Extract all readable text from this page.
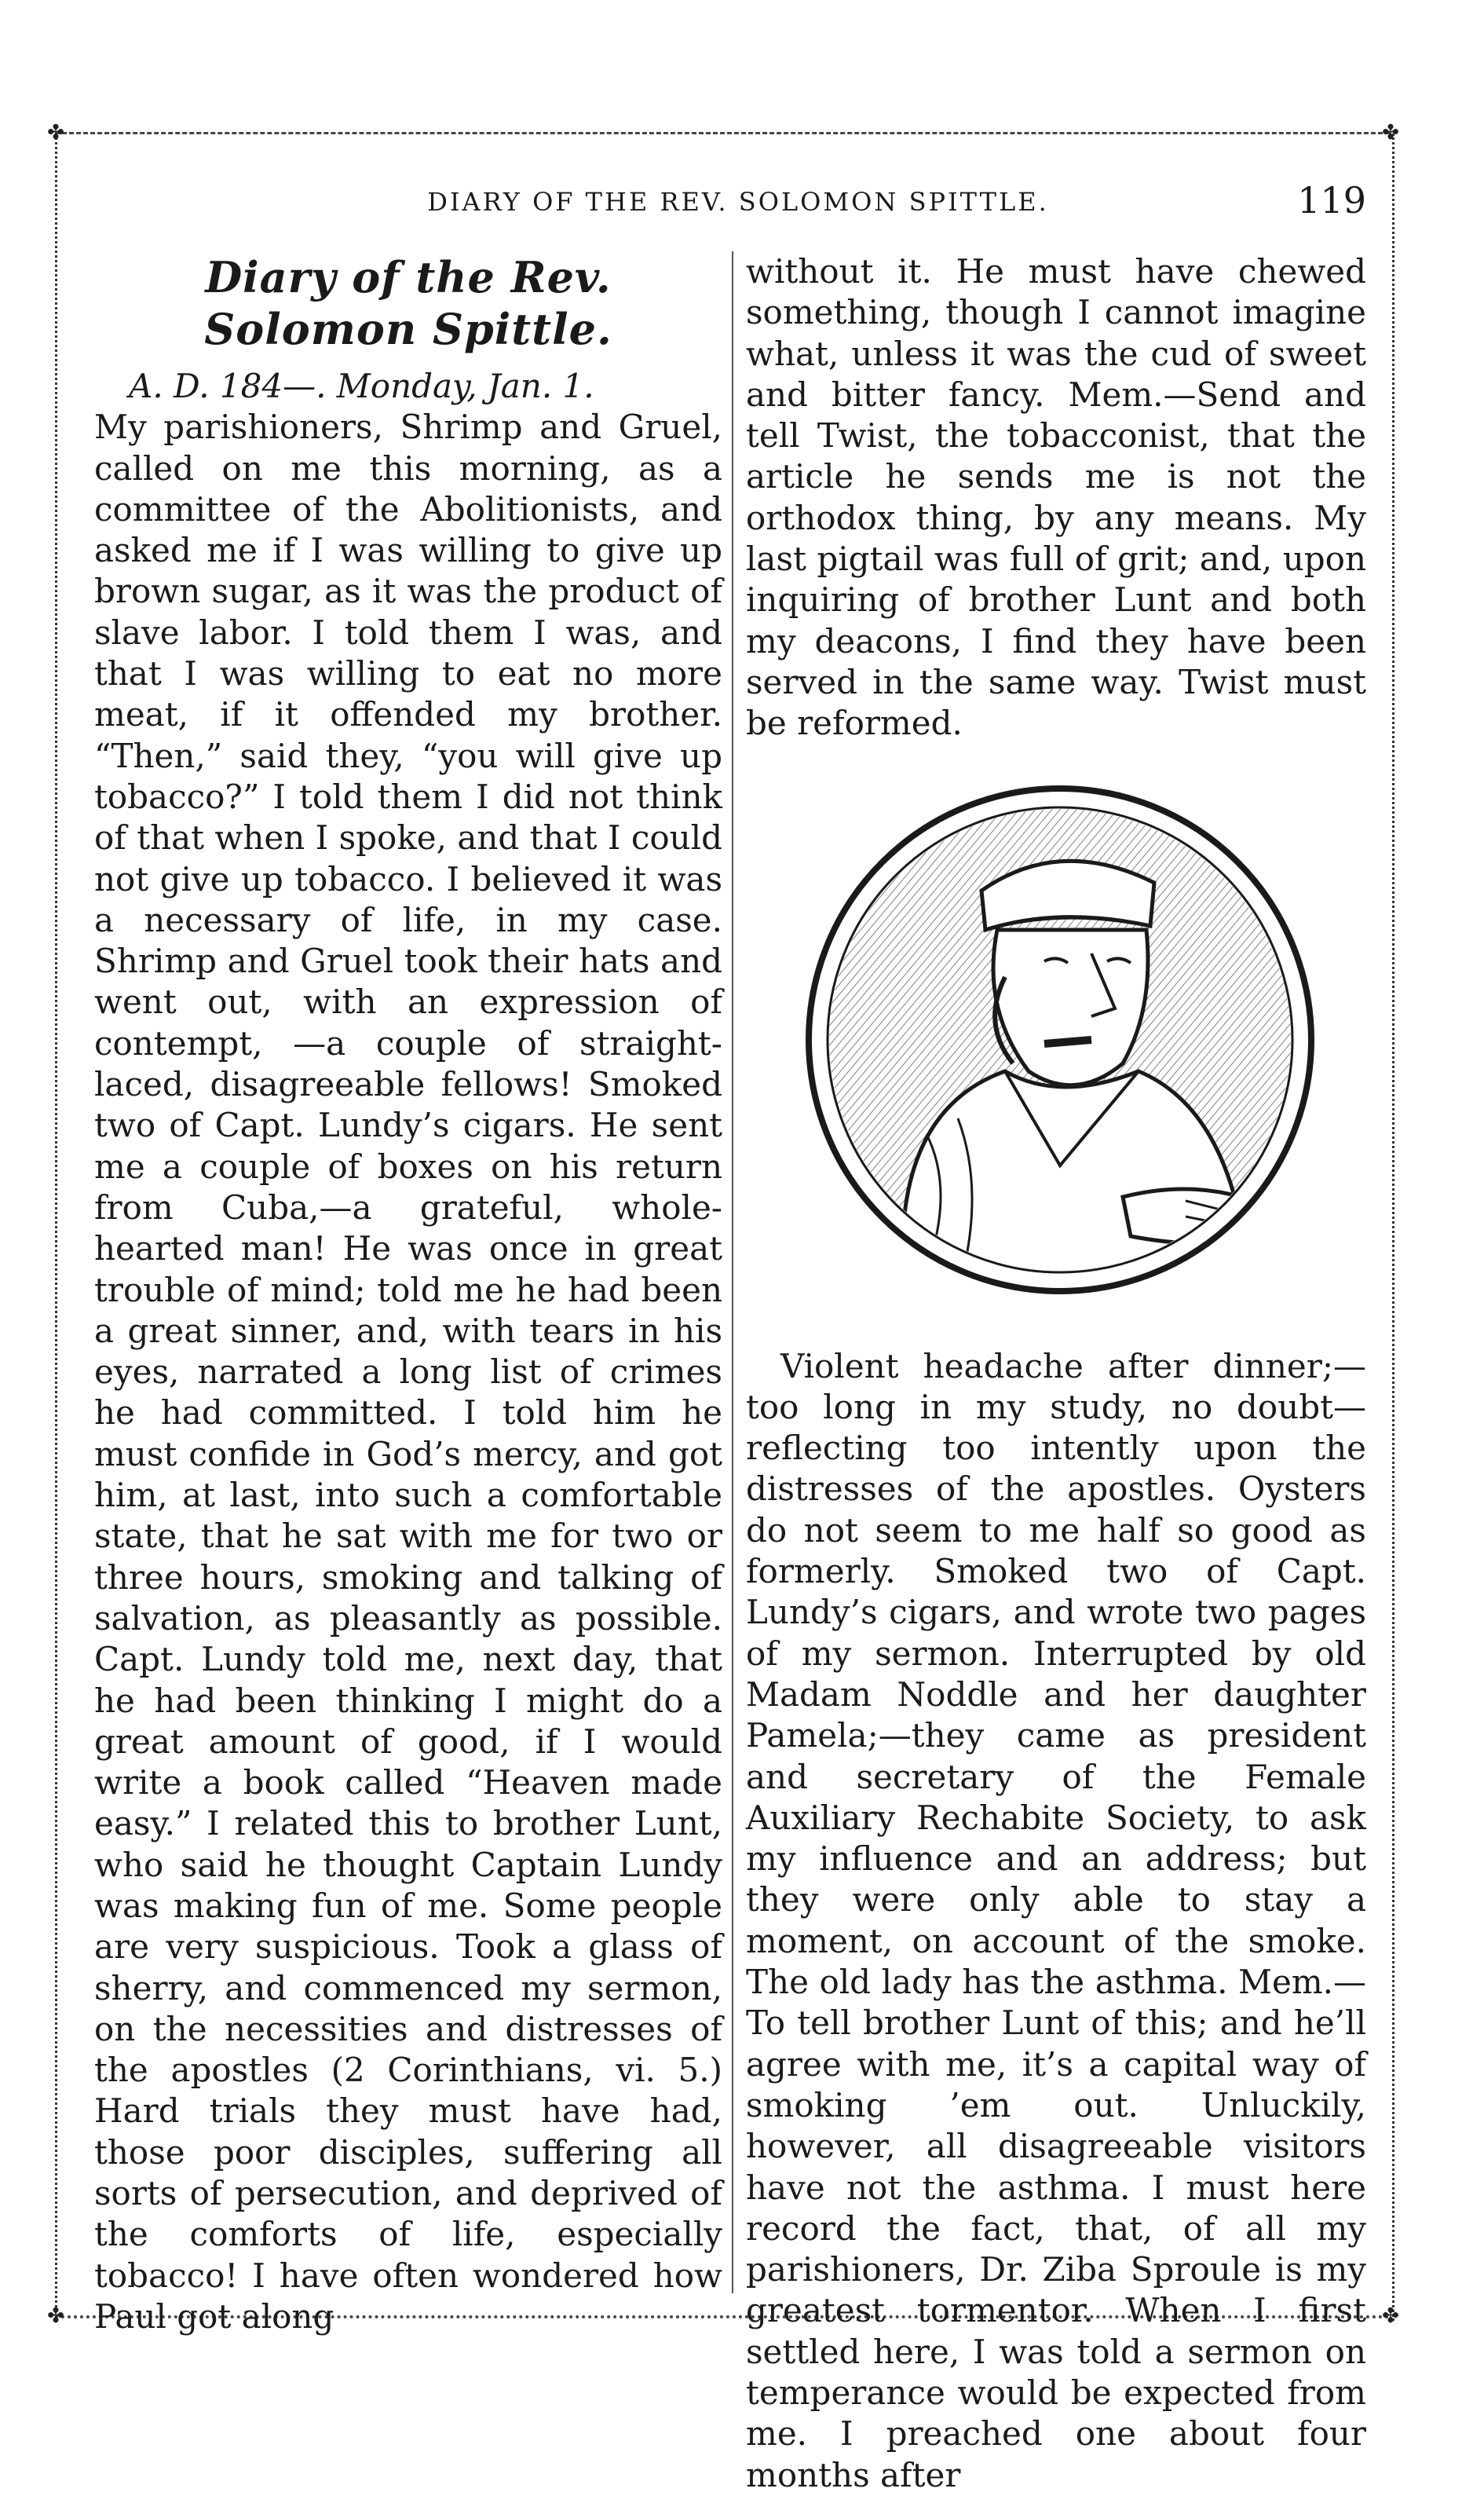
✤	✤
✤	✤
DIARY OF THE REV. SOLOMON SPITTLE.	119
Diary of the Rev. Solomon Spittle.

A. D. 184—. Monday, Jan. 1.

My parishioners, Shrimp and Gruel, called on me this morning, as a committee of the Abolitionists, and asked me if I was willing to give up brown sugar, as it was the product of slave labor. I told them I was, and that I was willing to eat no more meat, if it offended my brother. “Then,” said they, “you will give up tobacco?” I told them I did not think of that when I spoke, and that I could not give up tobacco. I believed it was a necessary of life, in my case. Shrimp and Gruel took their hats and went out, with an expression of contempt, —a couple of straight-laced, disagreeable fellows! Smoked two of Capt. Lundy’s cigars. He sent me a couple of boxes on his return from Cuba,—a grateful, whole-hearted man! He was once in great trouble of mind; told me he had been a great sinner, and, with tears in his eyes, narrated a long list of crimes he had committed. I told him he must confide in God’s mercy, and got him, at last, into such a comfortable state, that he sat with me for two or three hours, smoking and talking of salvation, as pleasantly as possible. Capt. Lundy told me, next day, that he had been thinking I might do a great amount of good, if I would write a book called “Heaven made easy.” I related this to brother Lunt, who said he thought Captain Lundy was making fun of me. Some people are very suspicious. Took a glass of sherry, and commenced my sermon, on the necessities and distresses of the apostles (2 Corinthians, vi. 5.) Hard trials they must have had, those poor disciples, suffering all sorts of persecution, and deprived of the comforts of life, especially tobacco! I have often wondered how Paul got along

without it. He must have chewed something, though I cannot imagine what, unless it was the cud of sweet and bitter fancy. Mem.—Send and tell Twist, the tobacconist, that the article he sends me is not the orthodox thing, by any means. My last pigtail was full of grit; and, upon inquiring of brother Lunt and both my deacons, I find they have been served in the same way. Twist must be reformed.

Violent headache after dinner;—too long in my study, no doubt—reflecting too intently upon the distresses of the apostles. Oysters do not seem to me half so good as formerly. Smoked two of Capt. Lundy’s cigars, and wrote two pages of my sermon. Interrupted by old Madam Noddle and her daughter Pamela;—they came as president and secretary of the Female Auxiliary Rechabite Society, to ask my influence and an address; but they were only able to stay a moment, on account of the smoke. The old lady has the asthma. Mem.—To tell brother Lunt of this; and he’ll agree with me, it’s a capital way of smoking ’em out. Unluckily, however, all disagreeable visitors have not the asthma. I must here record the fact, that, of all my parishioners, Dr. Ziba Sproule is my greatest tormentor. When I first settled here, I was told a sermon on temperance would be expected from me. I preached one about four months after
